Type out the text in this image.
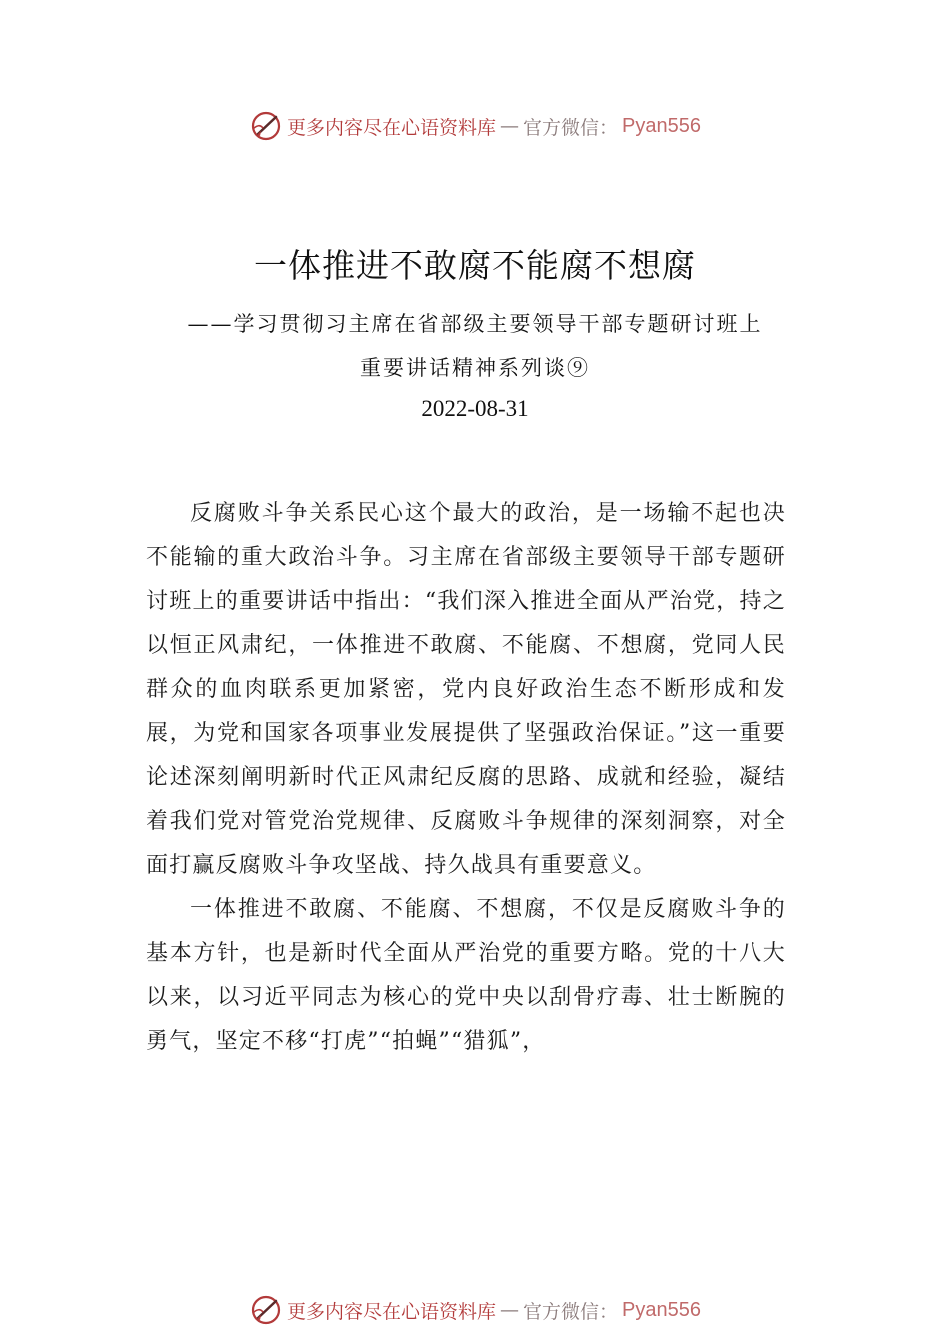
更多内容尽在心语资料库 — 官方微信： Pyan556
一体推进不敢腐不能腐不想腐
——学习贯彻习主席在省部级主要领导干部专题研讨班上
重要讲话精神系列谈⑨
2022-08-31

反腐败斗争关系民心这个最大的政治，是一场输不起也决不能输的重大政治斗争。习主席在省部级主要领导干部专题研讨班上的重要讲话中指出：“我们深入推进全面从严治党，持之以恒正风肃纪，一体推进不敢腐、不能腐、不想腐，党同人民群众的血肉联系更加紧密，党内良好政治生态不断形成和发展，为党和国家各项事业发展提供了坚强政治保证。”这一重要论述深刻阐明新时代正风肃纪反腐的思路、成就和经验，凝结着我们党对管党治党规律、反腐败斗争规律的深刻洞察，对全面打赢反腐败斗争攻坚战、持久战具有重要意义。

一体推进不敢腐、不能腐、不想腐，不仅是反腐败斗争的基本方针，也是新时代全面从严治党的重要方略。党的十八大以来，以习近平同志为核心的党中央以刮骨疗毒、壮士断腕的勇气，坚定不移“打虎”“拍蝇”“猎狐”，

更多内容尽在心语资料库 — 官方微信： Pyan556
